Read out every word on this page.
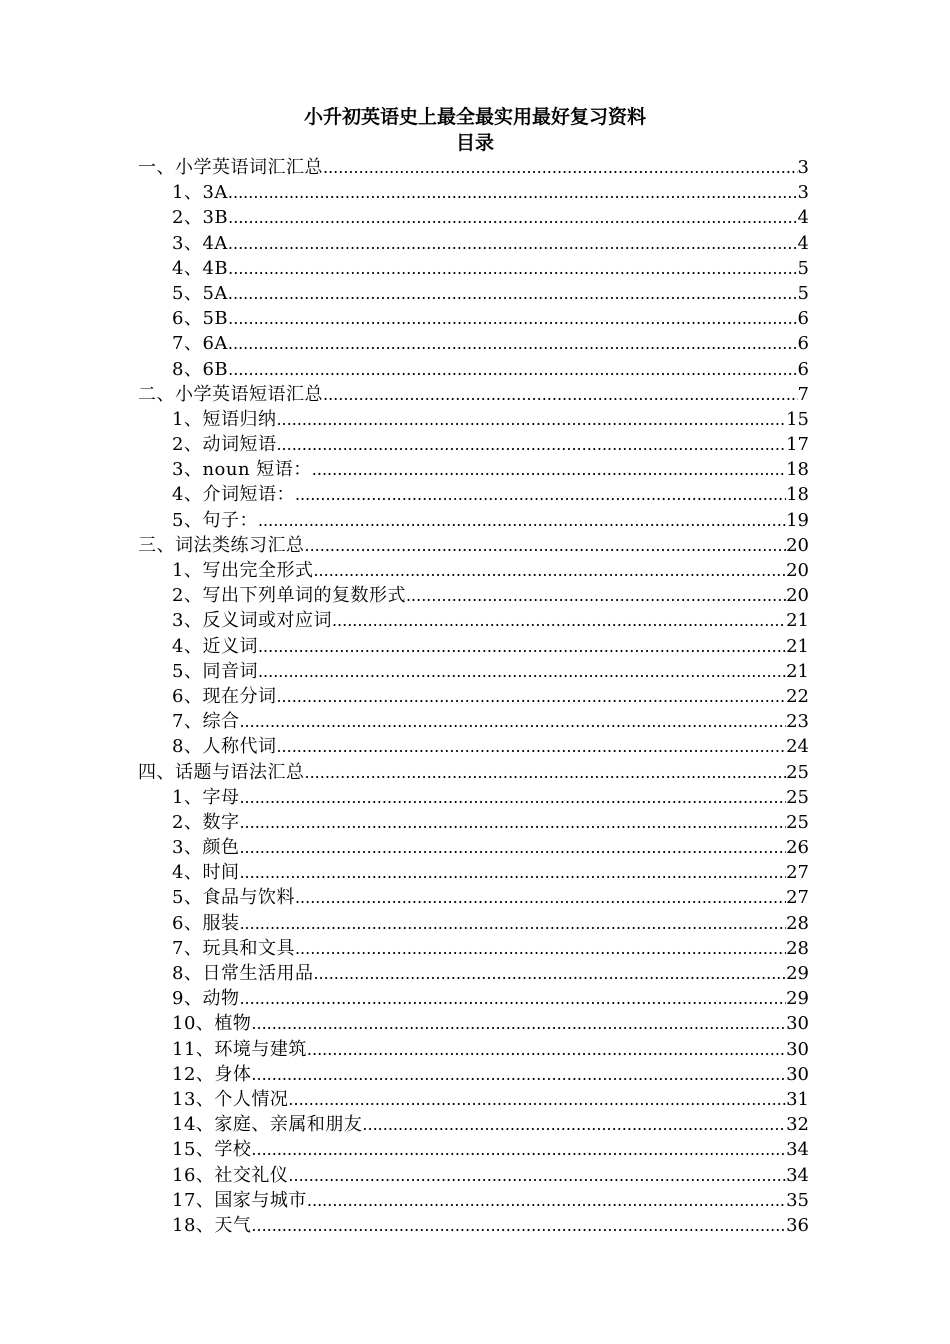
小升初英语史上最全最实用最好复习资料
目录
一、小学英语词汇汇总 .....	3
1、3A .....	3
2、3B .....	4
3、4A .....	4
4、4B .....	5
5、5A .....	5
6、5B .....	6
7、6A .....	6
8、6B .....	6
二、小学英语短语汇总 .....	7
1、短语归纳 .....	15
2、动词短语 .....	17
3、noun 短语： .....	18
4、介词短语： .....	18
5、句子： .....	19
三、词法类练习汇总 .....	20
1、写出完全形式 .....	20
2、写出下列单词的复数形式 .....	20
3、反义词或对应词 .....	21
4、近义词 .....	21
5、同音词 .....	21
6、现在分词 .....	22
7、综合 .....	23
8、人称代词 .....	24
四、话题与语法汇总 .....	25
1、字母 .....	25
2、数字 .....	25
3、颜色 .....	26
4、时间 .....	27
5、食品与饮料 .....	27
6、服装 .....	28
7、玩具和文具 .....	28
8、日常生活用品 .....	29
9、动物 .....	29
10、植物 .....	30
11、环境与建筑 .....	30
12、身体 .....	30
13、个人情况 .....	31
14、家庭、亲属和朋友 .....	32
15、学校 .....	34
16、社交礼仪 .....	34
17、国家与城市 .....	35
18、天气 .....	36
